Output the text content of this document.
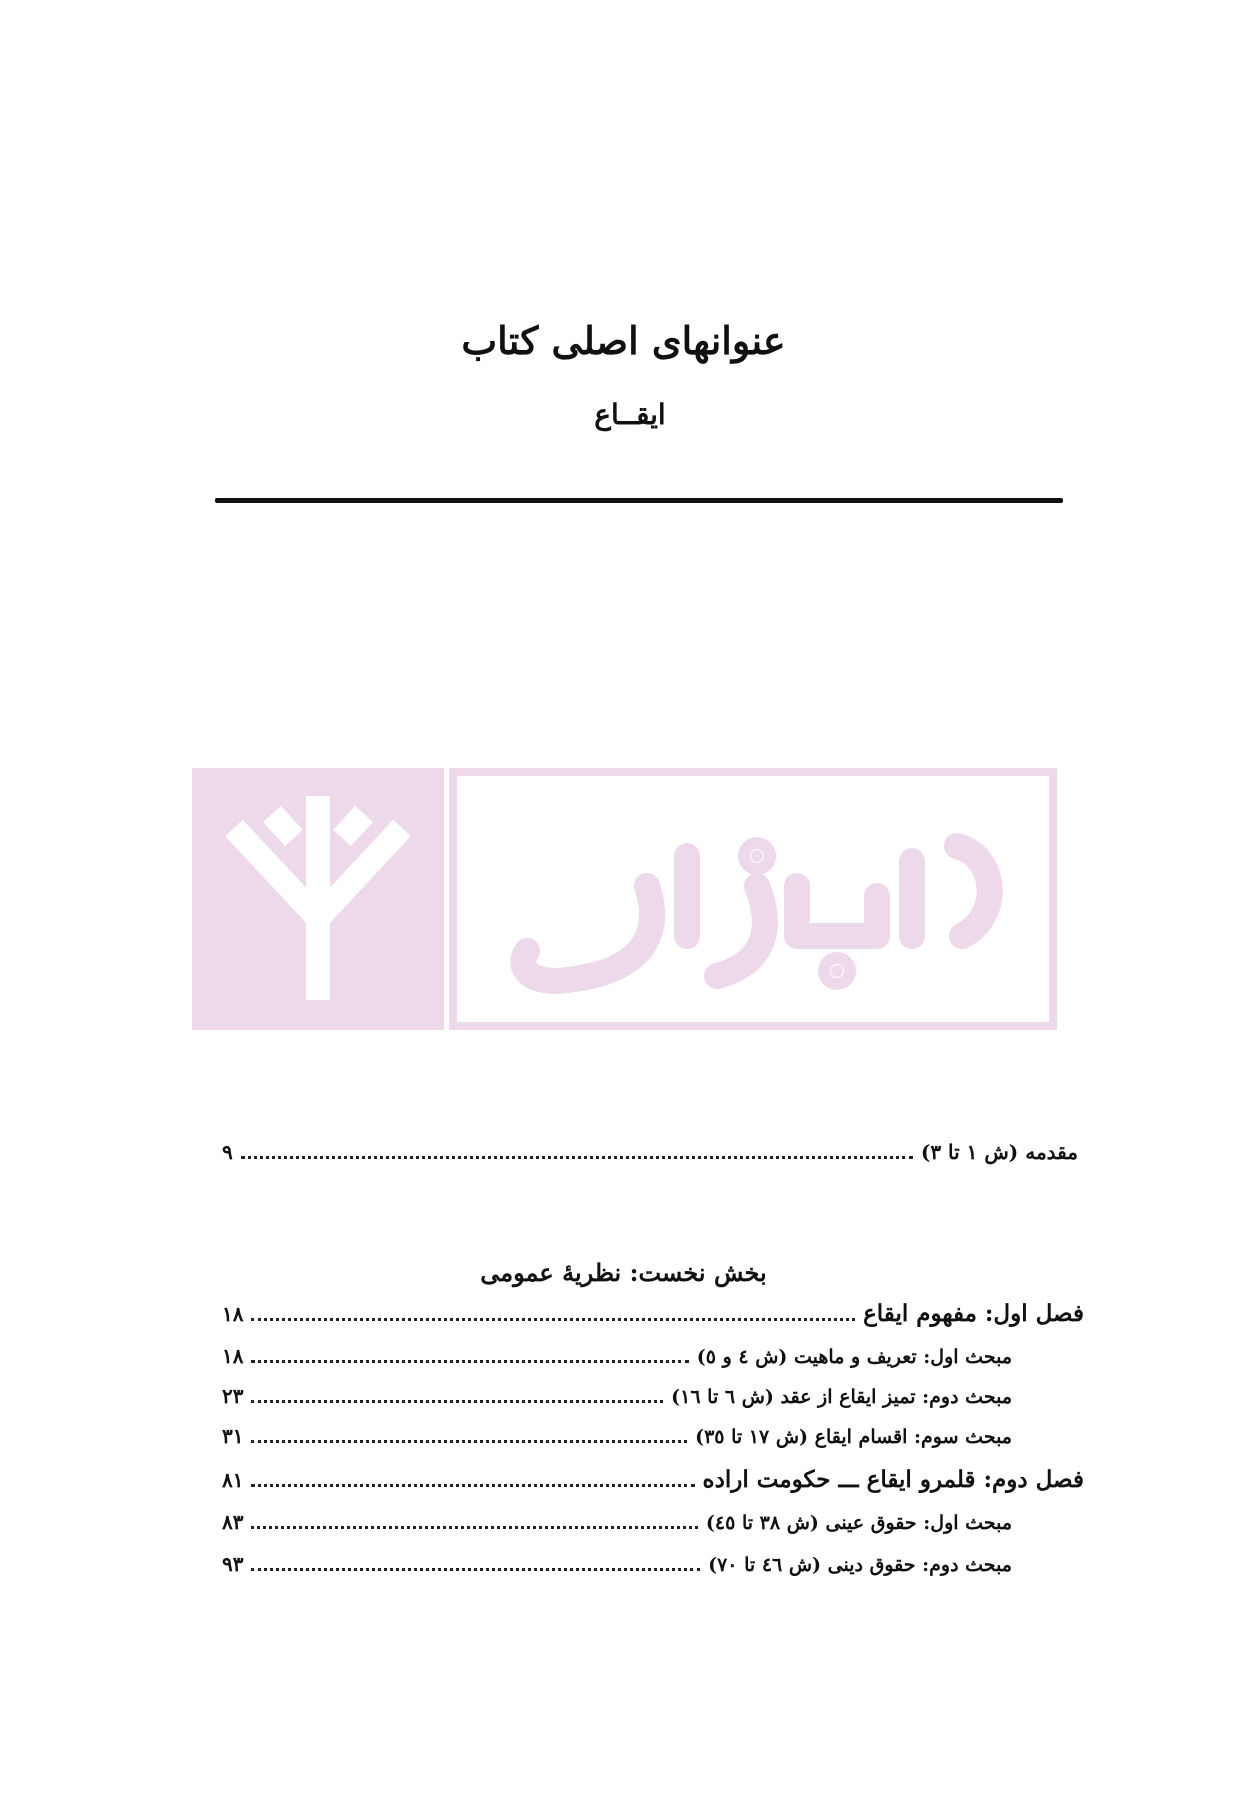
عنوانهای اصلی کتاب
ایقــاع
مقدمه (ش ۱ تا ۳)
۹
بخش نخست: نظریهٔ عمومی
فصل اول: مفهوم ایقاع
۱۸
مبحث اول: تعریف و ماهیت (ش ٤ و ٥)
۱۸
مبحث دوم: تمیز ایقاع از عقد (ش ٦ تا ۱٦)
۲۳
مبحث سوم: اقسام ایقاع (ش ۱۷ تا ۳٥)
۳۱
فصل دوم: قلمرو ایقاع ـــ حکومت اراده
۸۱
مبحث اول: حقوق عینی (ش ۳۸ تا ٤٥)
۸۳
مبحث دوم: حقوق دینی (ش ٤٦ تا ۷۰)
۹۳
